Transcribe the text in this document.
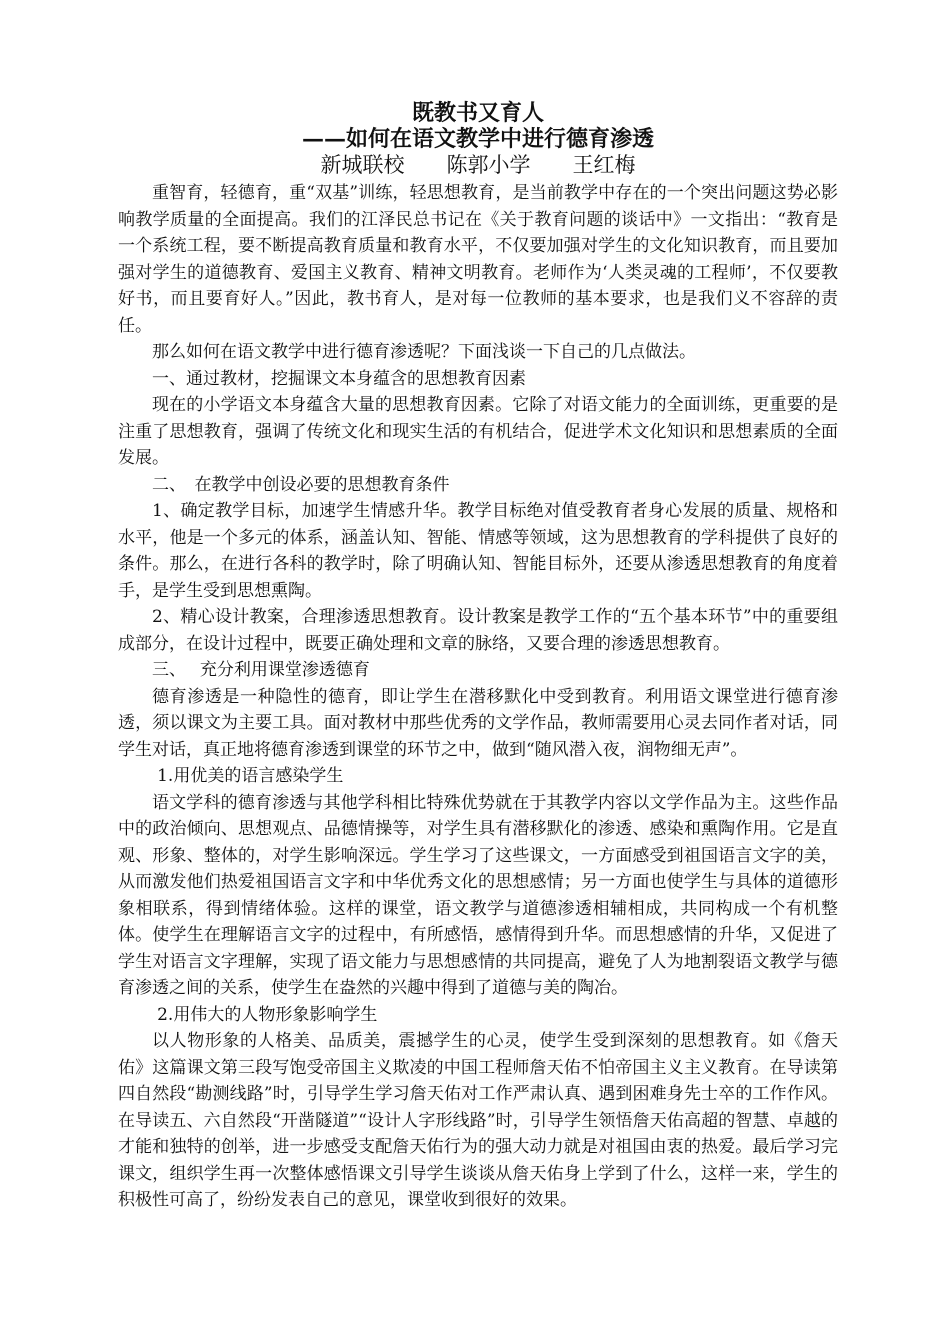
既教书又育人

——如何在语文教学中进行德育渗透

新城联校　　陈郭小学　　王红梅

重智育，轻德育，重“双基”训练，轻思想教育，是当前教学中存在的一个突出问题这势必影响教学质量的全面提高。我们的江泽民总书记在《关于教育问题的谈话中》一文指出：“教育是一个系统工程，要不断提高教育质量和教育水平，不仅要加强对学生的文化知识教育，而且要加强对学生的道德教育、爱国主义教育、精神文明教育。老师作为‘人类灵魂的工程师’，不仅要教好书，而且要育好人。”因此，教书育人，是对每一位教师的基本要求，也是我们义不容辞的责任。

那么如何在语文教学中进行德育渗透呢？下面浅谈一下自己的几点做法。

一、通过教材，挖掘课文本身蕴含的思想教育因素

现在的小学语文本身蕴含大量的思想教育因素。它除了对语文能力的全面训练，更重要的是注重了思想教育，强调了传统文化和现实生活的有机结合，促进学术文化知识和思想素质的全面发展。

二、　在教学中创设必要的思想教育条件

1、确定教学目标，加速学生情感升华。教学目标绝对值受教育者身心发展的质量、规格和水平，他是一个多元的体系，涵盖认知、智能、情感等领域，这为思想教育的学科提供了良好的条件。那么，在进行各科的教学时，除了明确认知、智能目标外，还要从渗透思想教育的角度着手，是学生受到思想熏陶。

2、精心设计教案，合理渗透思想教育。设计教案是教学工作的“五个基本环节”中的重要组成部分，在设计过程中，既要正确处理和文章的脉络，又要合理的渗透思想教育。

三、　 充分利用课堂渗透德育

德育渗透是一种隐性的德育，即让学生在潜移默化中受到教育。利用语文课堂进行德育渗透，须以课文为主要工具。面对教材中那些优秀的文学作品，教师需要用心灵去同作者对话，同学生对话，真正地将德育渗透到课堂的环节之中，做到“随风潜入夜，润物细无声”。

1.用优美的语言感染学生

语文学科的德育渗透与其他学科相比特殊优势就在于其教学内容以文学作品为主。这些作品中的政治倾向、思想观点、品德情操等，对学生具有潜移默化的渗透、感染和熏陶作用。它是直观、形象、整体的，对学生影响深远。学生学习了这些课文，一方面感受到祖国语言文字的美，从而激发他们热爱祖国语言文字和中华优秀文化的思想感情；另一方面也使学生与具体的道德形象相联系，得到情绪体验。这样的课堂，语文教学与道德渗透相辅相成，共同构成一个有机整体。使学生在理解语言文字的过程中，有所感悟，感情得到升华。而思想感情的升华，又促进了学生对语言文字理解，实现了语文能力与思想感情的共同提高，避免了人为地割裂语文教学与德育渗透之间的关系，使学生在盎然的兴趣中得到了道德与美的陶冶。

2.用伟大的人物形象影响学生

以人物形象的人格美、品质美，震撼学生的心灵，使学生受到深刻的思想教育。如《詹天佑》这篇课文第三段写饱受帝国主义欺凌的中国工程师詹天佑不怕帝国主义主义教育。在导读第四自然段“勘测线路”时，引导学生学习詹天佑对工作严肃认真、遇到困难身先士卒的工作作风。在导读五、六自然段“开凿隧道”“设计人字形线路”时，引导学生领悟詹天佑高超的智慧、卓越的才能和独特的创举，进一步感受支配詹天佑行为的强大动力就是对祖国由衷的热爱。最后学习完课文，组织学生再一次整体感悟课文引导学生谈谈从詹天佑身上学到了什么，这样一来，学生的积极性可高了，纷纷发表自己的意见，课堂收到很好的效果。
